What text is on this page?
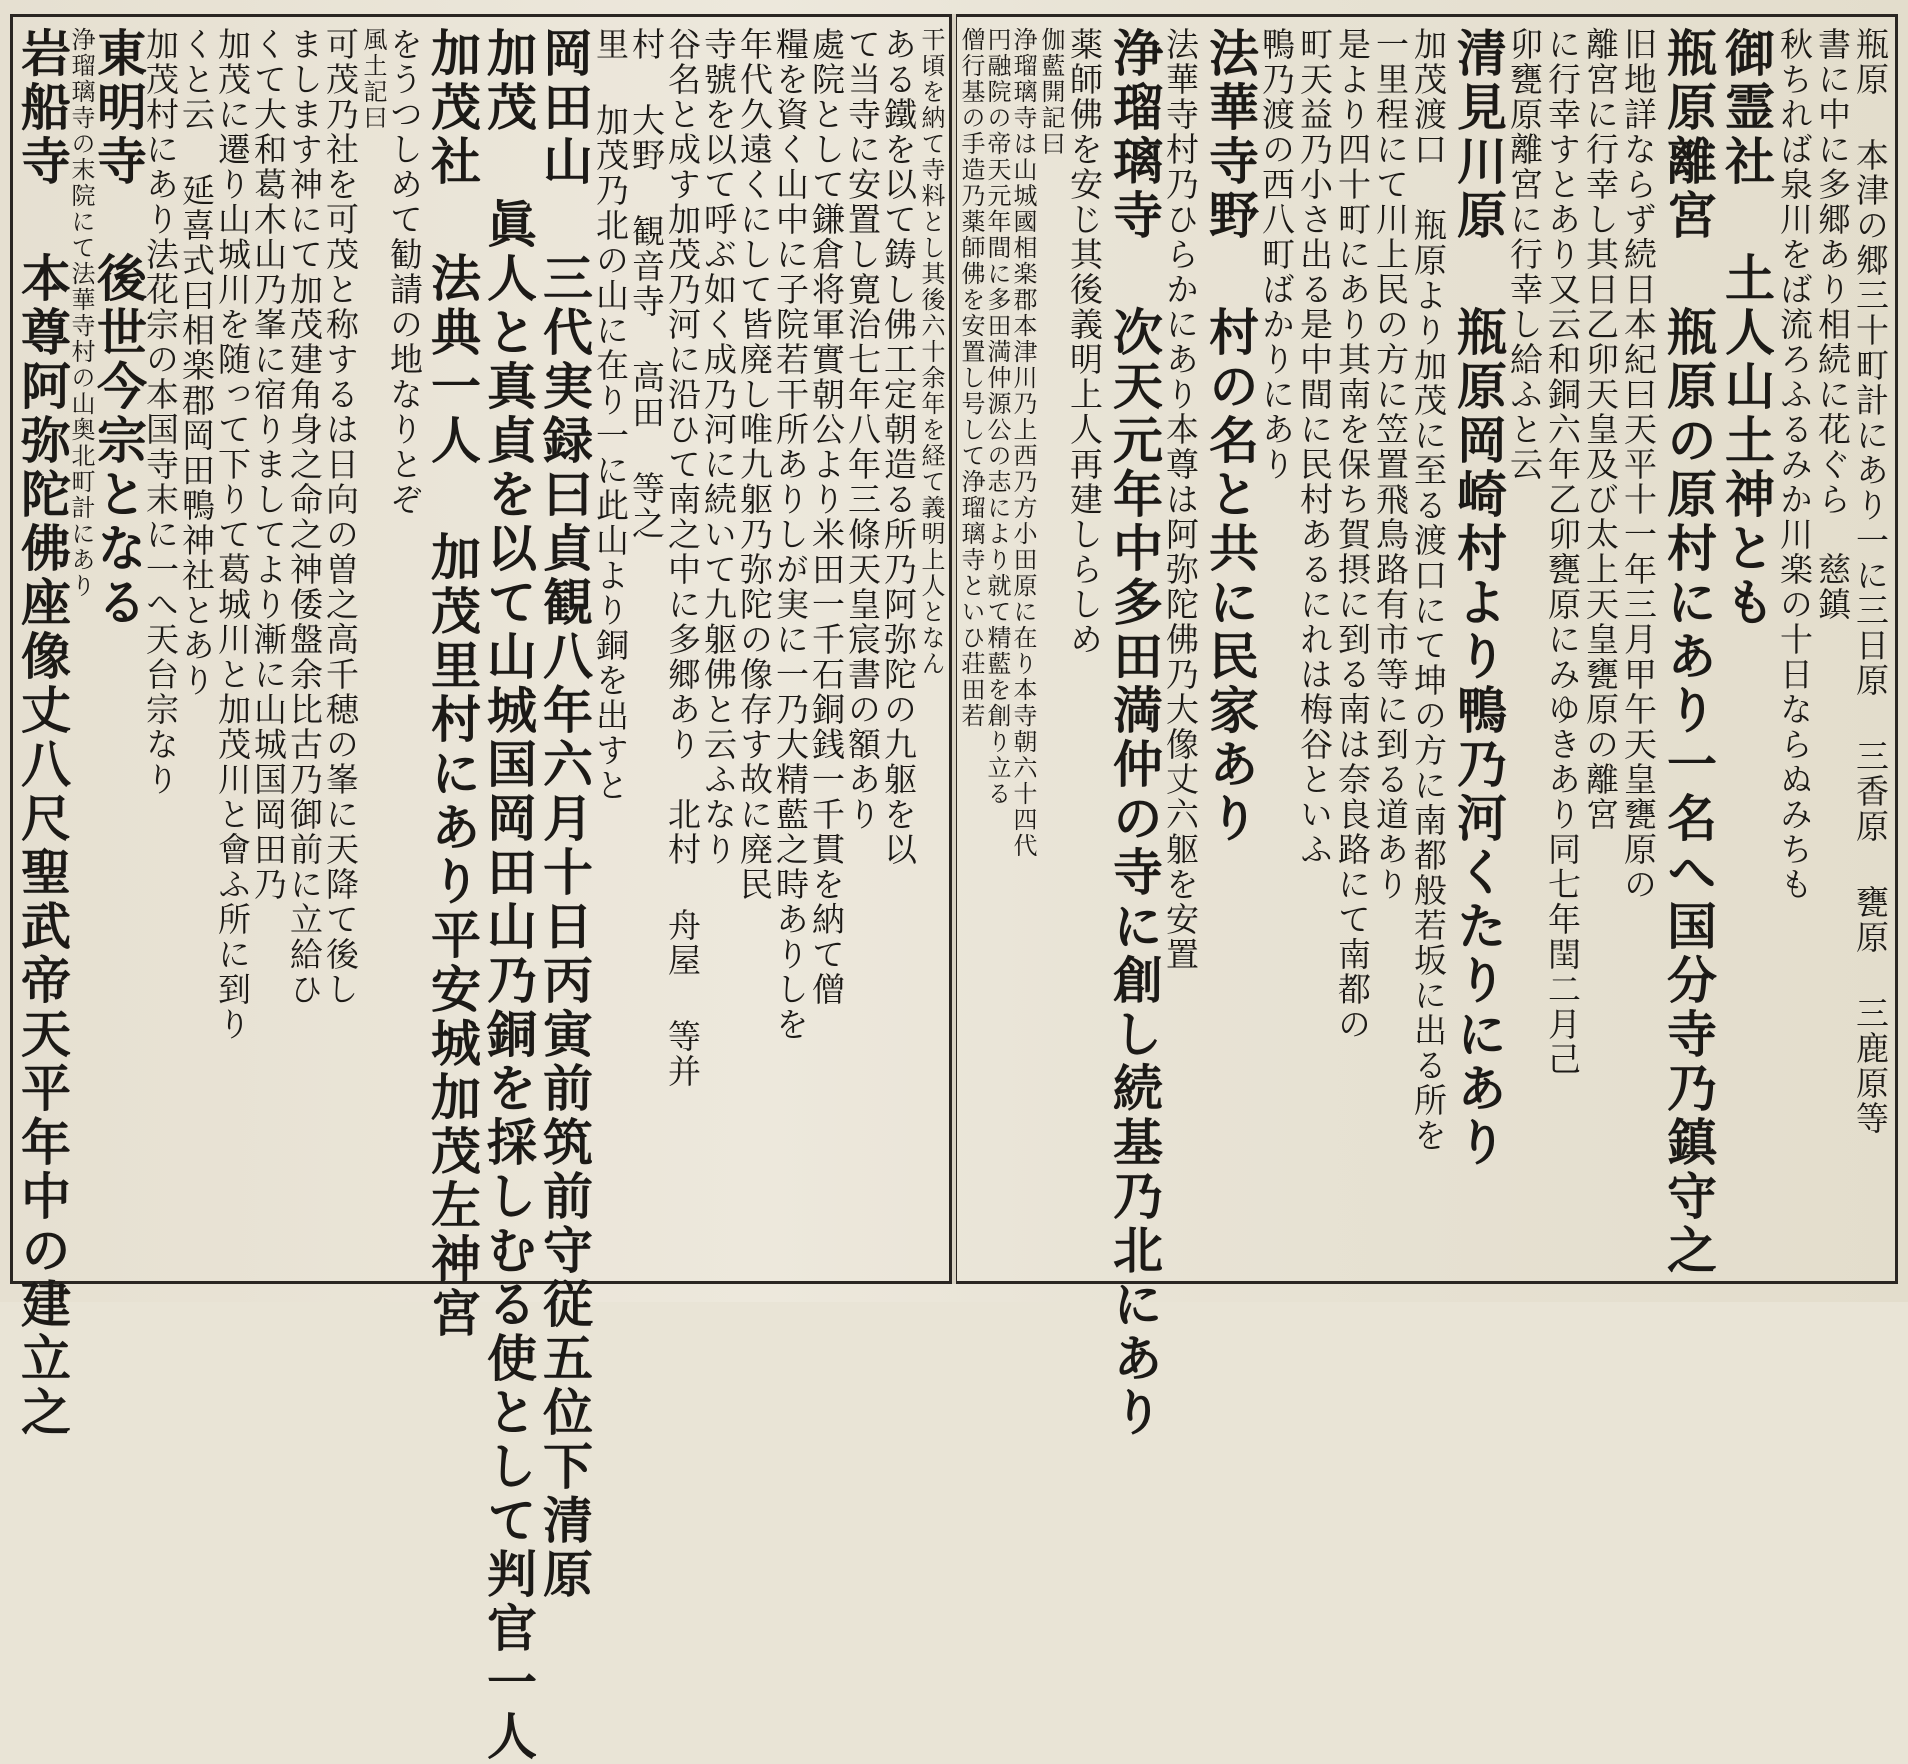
瓶原 本津の郷三十町計にあり一に三日原 三香原 甕原 三鹿原等
書に中に多郷あり相続に花ぐら　慈鎮
秋ちれば泉川をば流ろふるみか川楽の十日ならぬみちも
御霊社 土人山土神とも
瓶原離宮 瓶原の原村にあり一名へ国分寺乃鎮守之
旧地詳ならず続日本紀曰天平十一年三月甲午天皇甕原の
離宮に行幸し其日乙卯天皇及び太上天皇甕原の離宮
に行幸すとあり又云和銅六年乙卯甕原にみゆきあり同七年閏二月己
卯甕原離宮に行幸し給ふと云
清見川原 瓶原岡崎村より鴨乃河くたりにあり
加茂渡口 瓶原より加茂に至る渡口にて坤の方に南都般若坂に出る所を
一里程にて川上民の方に笠置飛鳥路有市等に到る道あり
是より四十町にあり其南を保ち賀摂に到る南は奈良路にて南都の
町天益乃小さ出る是中間に民村あるにれは梅谷といふ
鴨乃渡の西八町ばかりにあり
法華寺野 村の名と共に民家あり
法華寺村乃ひらかにあり本尊は阿弥陀佛乃大像丈六躯を安置
浄瑠璃寺 次天元年中多田満仲の寺に創し続基乃北にあり
薬師佛を安じ其後義明上人再建しらしめ
伽藍開記曰
浄瑠璃寺は山城國相楽郡本津川乃上西乃方小田原に在り本寺朝六十四代
円融院の帝天元年間に多田満仲源公の志により就て精藍を創り立る
僧行基の手造乃薬師佛を安置し号して浄瑠璃寺といひ荘田若
干頃を納て寺料とし其後六十余年を経て義明上人となん
ある鐵を以て鋳し佛工定朝造る所乃阿弥陀の九躯を以
て当寺に安置し寛治七年八年三條天皇宸書の額あり
處院として鎌倉将軍實朝公より米田一千石銅銭一千貫を納て僧
糧を資く山中に子院若干所ありしが実に一乃大精藍之時ありしを
年代久遠くにして皆廃し唯九躯乃弥陀の像存す故に廃民
寺號を以て呼ぶ如く成乃河に続いて九躯佛と云ふなり
谷名と成す加茂乃河に沿ひて南之中に多郷あり　北村 舟屋 等并
村 大野 観音寺 高田 等之
里 加茂乃北の山に在り一に此山より銅を出すと
岡田山 三代実録曰貞観八年六月十日丙寅前筑前守従五位下清原
加茂 眞人と真貞を以て山城国岡田山乃銅を採しむる使として判官一人
加茂社 法典一人 加茂里村にあり平安城加茂左神宮
をうつしめて勧請の地なりとぞ
風土記曰
可茂乃社を可茂と称するは日向の曽之高千穂の峯に天降て後し
まします神にて加茂建角身之命之神倭盤余比古乃御前に立給ひ
くて大和葛木山乃峯に宿りましてより漸に山城国岡田乃
加茂に遷り山城川を随って下りて葛城川と加茂川と會ふ所に到り
くと云 延喜式曰相楽郡岡田鴨神社とあり
加茂村にあり法花宗の本国寺末に一へ天台宗なり
東明寺 後世今宗となる
浄瑠璃寺の末院にて法華寺村の山奥北町計にあり
岩船寺 本尊阿弥陀佛座像丈八尺聖武帝天平年中の建立之
